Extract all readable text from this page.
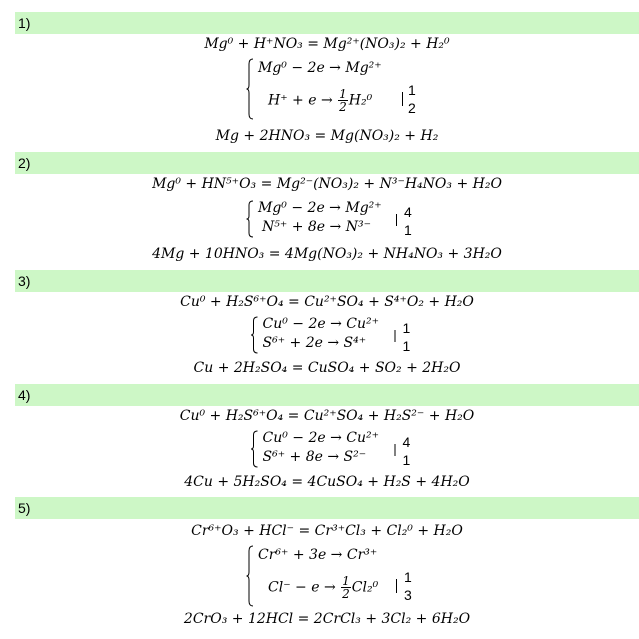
1)
Mg⁰ + H⁺NO₃ = Mg²⁺(NO₃)₂ + H₂⁰
Mg⁰ − 2e → Mg²⁺
$H^+ + e \to \frac{1}{2} H_2^0$
1
2
Mg + 2HNO₃ = Mg(NO₃)₂ + H₂
2)
Mg⁰ + HN⁵⁺O₃ = Mg²⁻(NO₃)₂ + N³⁻H₄NO₃ + H₂O
Mg⁰ − 2e → Mg²⁺
N⁵⁺ + 8e → N³⁻
4
1
4Mg + 10HNO₃ = 4Mg(NO₃)₂ + NH₄NO₃ + 3H₂O
3)
Cu⁰ + H₂S⁶⁺O₄ = Cu²⁺SO₄ + S⁴⁺O₂ + H₂O
Cu⁰ − 2e → Cu²⁺
S⁶⁺ + 2e → S⁴⁺
1
1
Cu + 2H₂SO₄ = CuSO₄ + SO₂ + 2H₂O
4)
Cu⁰ + H₂S⁶⁺O₄ = Cu²⁺SO₄ + H₂S²⁻ + H₂O
Cu⁰ − 2e → Cu²⁺
S⁶⁺ + 8e → S²⁻
4
1
4Cu + 5H₂SO₄ = 4CuSO₄ + H₂S + 4H₂O
5)
Cr⁶⁺O₃ + HCl⁻ = Cr³⁺Cl₃ + Cl₂⁰ + H₂O
Cr⁶⁺ + 3e → Cr³⁺
$Cl^- - e \to \frac{1}{2} Cl_2^0$
1
3
2CrO₃ + 12HCl = 2CrCl₃ + 3Cl₂ + 6H₂O
